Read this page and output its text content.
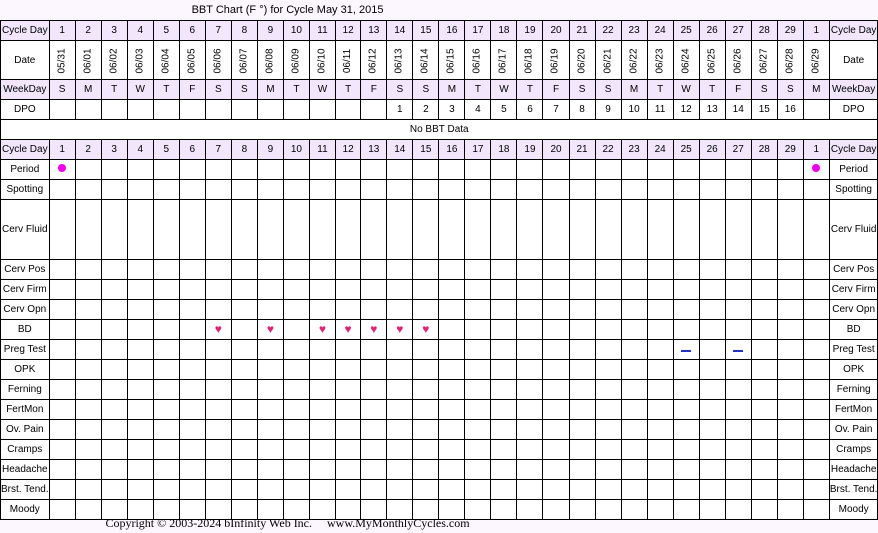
BBT Chart (F °) for Cycle May 31, 2015
Cycle Day	1	2	3	4	5	6	7	8	9	10	11	12	13	14	15	16	17	18	19	20	21	22	23	24	25	26	27	28	29	1	Cycle Day
Date	05/31	06/01	06/02	06/03	06/04	06/05	06/06	06/07	06/08	06/09	06/10	06/11	06/12	06/13	06/14	06/15	06/16	06/17	06/18	06/19	06/20	06/21	06/22	06/23	06/24	06/25	06/26	06/27	06/28	06/29	Date
WeekDay	S	M	T	W	T	F	S	S	M	T	W	T	F	S	S	M	T	W	T	F	S	S	M	T	W	T	F	S	S	M	WeekDay
DPO														1	2	3	4	5	6	7	8	9	10	11	12	13	14	15	16		DPO
No BBT Data																															
Cycle Day	1	2	3	4	5	6	7	8	9	10	11	12	13	14	15	16	17	18	19	20	21	22	23	24	25	26	27	28	29	1	Cycle Day
Period																															Period
Spotting																															Spotting
Cerv Fluid																															Cerv Fluid
Cerv Pos																															Cerv Pos
Cerv Firm																															Cerv Firm
Cerv Opn																															Cerv Opn
BD							♥		♥		♥	♥	♥	♥	♥																BD
Preg Test																															Preg Test
OPK																															OPK
Ferning																															Ferning
FertMon																															FertMon
Ov. Pain																															Ov. Pain
Cramps																															Cramps
Headache																															Headache
Brst. Tend.																															Brst. Tend.
Moody																															Moody
Copyright © 2003-2024 bInfinity Web Inc. www.MyMonthlyCycles.com
